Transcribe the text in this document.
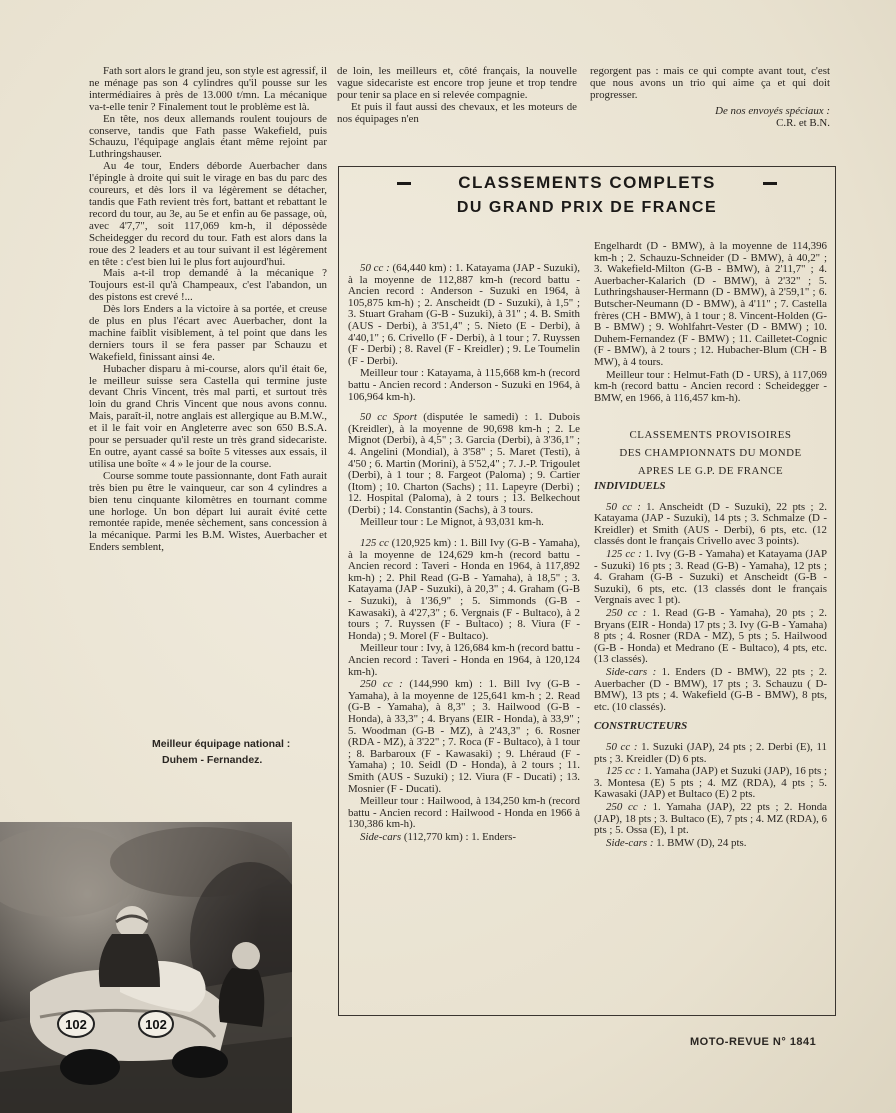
Fath sort alors le grand jeu, son style est agressif, il ne ménage pas son 4 cylindres qu'il pousse sur les intermédiaires à près de 13.000 t/mn. La mécanique va-t-elle tenir ? Finalement tout le problème est là.

En tête, nos deux allemands roulent toujours de conserve, tandis que Fath passe Wakefield, puis Schauzu, l'équipage anglais étant même rejoint par Luthringshauser.

Au 4e tour, Enders déborde Auerbacher dans l'épingle à droite qui suit le virage en bas du parc des coureurs, et dès lors il va légèrement se détacher, tandis que Fath revient très fort, battant et rebattant le record du tour, au 3e, au 5e et enfin au 6e passage, où, avec 4'7,7", soit 117,069 km-h, il dépossède Scheidegger du record du tour. Fath est alors dans la roue des 2 leaders et au tour suivant il est légèrement en tête : c'est bien lui le plus fort aujourd'hui.

Mais a-t-il trop demandé à la mécanique ? Toujours est-il qu'à Champeaux, c'est l'abandon, un des pistons est crevé !...

Dès lors Enders a la victoire à sa portée, et creuse de plus en plus l'écart avec Auerbacher, dont la machine faiblit visiblement, à tel point que dans les derniers tours il se fera passer par Schauzu et Wakefield, finissant ainsi 4e.

Hubacher disparu à mi-course, alors qu'il était 6e, le meilleur suisse sera Castella qui termine juste devant Chris Vincent, très mal parti, et surtout très loin du grand Chris Vincent que nous avons connu. Mais, paraît-il, notre anglais est allergique au B.M.W., et il le fait voir en Angleterre avec son 650 B.S.A. pour se persuader qu'il reste un très grand sidecariste. En outre, ayant cassé sa boîte 5 vitesses aux essais, il utilisa une boîte « 4 » le jour de la course.

Course somme toute passionnante, dont Fath aurait très bien pu être le vainqueur, car son 4 cylindres a bien tenu cinquante kilomètres en tournant comme une horloge. Un bon départ lui aurait évité cette remontée rapide, menée sèchement, sans concession à la mécanique. Parmi les B.M. Wistes, Auerbacher et Enders semblent,

de loin, les meilleurs et, côté français, la nouvelle vague sidecariste est encore trop jeune et trop tendre pour tenir sa place en si relevée compagnie.

Et puis il faut aussi des chevaux, et les moteurs de nos équipages n'en

regorgent pas : mais ce qui compte avant tout, c'est que nous avons un trio qui aime ça et qui doit progresser.

De nos envoyés spéciaux :
C.R. et B.N.
CLASSEMENTS COMPLETS
DU GRAND PRIX DE FRANCE

50 cc : (64,440 km) : 1. Katayama (JAP - Suzuki), à la moyenne de 112,887 km-h (record battu - Ancien record : Anderson - Suzuki en 1964, à 105,875 km-h) ; 2. Anscheidt (D - Suzuki), à 1,5" ; 3. Stuart Graham (G-B - Suzuki), à 31" ; 4. B. Smith (AUS - Derbi), à 3'51,4" ; 5. Nieto (E - Derbi), à 4'40,1" ; 6. Crivello (F - Derbi), à 1 tour ; 7. Ruyssen (F - Derbi) ; 8. Ravel (F - Kreidler) ; 9. Le Toumelin (F - Derbi).

Meilleur tour : Katayama, à 115,668 km-h (record battu - Ancien record : Anderson - Suzuki en 1964, à 106,964 km-h).

50 cc Sport (disputée le samedi) : 1. Dubois (Kreidler), à la moyenne de 90,698 km-h ; 2. Le Mignot (Derbi), à 4,5" ; 3. Garcia (Derbi), à 3'36,1" ; 4. Angelini (Mondial), à 3'58" ; 5. Maret (Testi), à 4'50 ; 6. Martin (Morini), à 5'52,4" ; 7. J.-P. Trigoulet (Derbi), à 1 tour ; 8. Fargeot (Paloma) ; 9. Cartier (Itom) ; 10. Charton (Sachs) ; 11. Lapeyre (Derbi) ; 12. Hospital (Paloma), à 2 tours ; 13. Belkechout (Derbi) ; 14. Constantin (Sachs), à 3 tours.

Meilleur tour : Le Mignot, à 93,031 km-h.

125 cc (120,925 km) : 1. Bill Ivy (G-B - Yamaha), à la moyenne de 124,629 km-h (record battu - Ancien record : Taveri - Honda en 1964, à 117,892 km-h) ; 2. Phil Read (G-B - Yamaha), à 18,5" ; 3. Katayama (JAP - Suzuki), à 20,3" ; 4. Graham (G-B - Suzuki), à 1'36,9" ; 5. Simmonds (G-B - Kawasaki), à 4'27,3" ; 6. Vergnais (F - Bultaco), à 2 tours ; 7. Ruyssen (F - Bultaco) ; 8. Viura (F - Honda) ; 9. Morel (F - Bultaco).

Meilleur tour : Ivy, à 126,684 km-h (record battu - Ancien record : Taveri - Honda en 1964, à 120,124 km-h).

250 cc : (144,990 km) : 1. Bill Ivy (G-B - Yamaha), à la moyenne de 125,641 km-h ; 2. Read (G-B - Yamaha), à 8,3" ; 3. Hailwood (G-B - Honda), à 33,3" ; 4. Bryans (EIR - Honda), à 33,9" ; 5. Woodman (G-B - MZ), à 2'43,3" ; 6. Rosner (RDA - MZ), à 3'22" ; 7. Roca (F - Bultaco), à 1 tour ; 8. Barbaroux (F - Kawasaki) ; 9. Lhéraud (F - Yamaha) ; 10. Seidl (D - Honda), à 2 tours ; 11. Smith (AUS - Suzuki) ; 12. Viura (F - Ducati) ; 13. Mosnier (F - Ducati).

Meilleur tour : Hailwood, à 134,250 km-h (record battu - Ancien record : Hailwood - Honda en 1966 à 130,386 km-h).

Side-cars (112,770 km) : 1. Enders-

Engelhardt (D - BMW), à la moyenne de 114,396 km-h ; 2. Schauzu-Schneider (D - BMW), à 40,2" ; 3. Wakefield-Milton (G-B - BMW), à 2'11,7" ; 4. Auerbacher-Kalarich (D - BMW), à 2'32" ; 5. Luthringshauser-Hermann (D - BMW), à 2'59,1" ; 6. Butscher-Neumann (D - BMW), à 4'11" ; 7. Castella frères (CH - BMW), à 1 tour ; 8. Vincent-Holden (G-B - BMW) ; 9. Wohlfahrt-Vester (D - BMW) ; 10. Duhem-Fernandez (F - BMW) ; 11. Cailletet-Cognic (F - BMW), à 2 tours ; 12. Hubacher-Blum (CH - B MW), à 4 tours.

Meilleur tour : Helmut-Fath (D - URS), à 117,069 km-h (record battu - Ancien record : Scheidegger - BMW, en 1966, à 116,457 km-h).

CLASSEMENTS PROVISOIRES

DES CHAMPIONNATS DU MONDE

APRES LE G.P. DE FRANCE

INDIVIDUELS

50 cc : 1. Anscheidt (D - Suzuki), 22 pts ; 2. Katayama (JAP - Suzuki), 14 pts ; 3. Schmalze (D - Kreidler) et Smith (AUS - Derbi), 6 pts, etc. (12 classés dont le français Crivello avec 3 points).

125 cc : 1. Ivy (G-B - Yamaha) et Katayama (JAP - Suzuki) 16 pts ; 3. Read (G-B) - Yamaha), 12 pts ; 4. Graham (G-B - Suzuki) et Anscheidt (G-B - Suzuki), 6 pts, etc. (13 classés dont le français Vergnais avec 1 pt).

250 cc : 1. Read (G-B - Yamaha), 20 pts ; 2. Bryans (EIR - Honda) 17 pts ; 3. Ivy (G-B - Yamaha) 8 pts ; 4. Rosner (RDA - MZ), 5 pts ; 5. Hailwood (G-B - Honda) et Medrano (E - Bultaco), 4 pts, etc. (13 classés).

Side-cars : 1. Enders (D - BMW), 22 pts ; 2. Auerbacher (D - BMW), 17 pts ; 3. Schauzu ( D- BMW), 13 pts ; 4. Wakefield (G-B - BMW), 8 pts, etc. (10 classés).

CONSTRUCTEURS

50 cc : 1. Suzuki (JAP), 24 pts ; 2. Derbi (E), 11 pts ; 3. Kreidler (D) 6 pts.

125 cc : 1. Yamaha (JAP) et Suzuki (JAP), 16 pts ; 3. Montesa (E) 5 pts ; 4. MZ (RDA), 4 pts ; 5. Kawasaki (JAP) et Bultaco (E) 2 pts.

250 cc : 1. Yamaha (JAP), 22 pts ; 2. Honda (JAP), 18 pts ; 3. Bultaco (E), 7 pts ; 4. MZ (RDA), 6 pts ; 5. Ossa (E), 1 pt.

Side-cars : 1. BMW (D), 24 pts.

Meilleur équipage national :
Duhem - Fernandez.
102	102
MOTO-REVUE N° 1841
